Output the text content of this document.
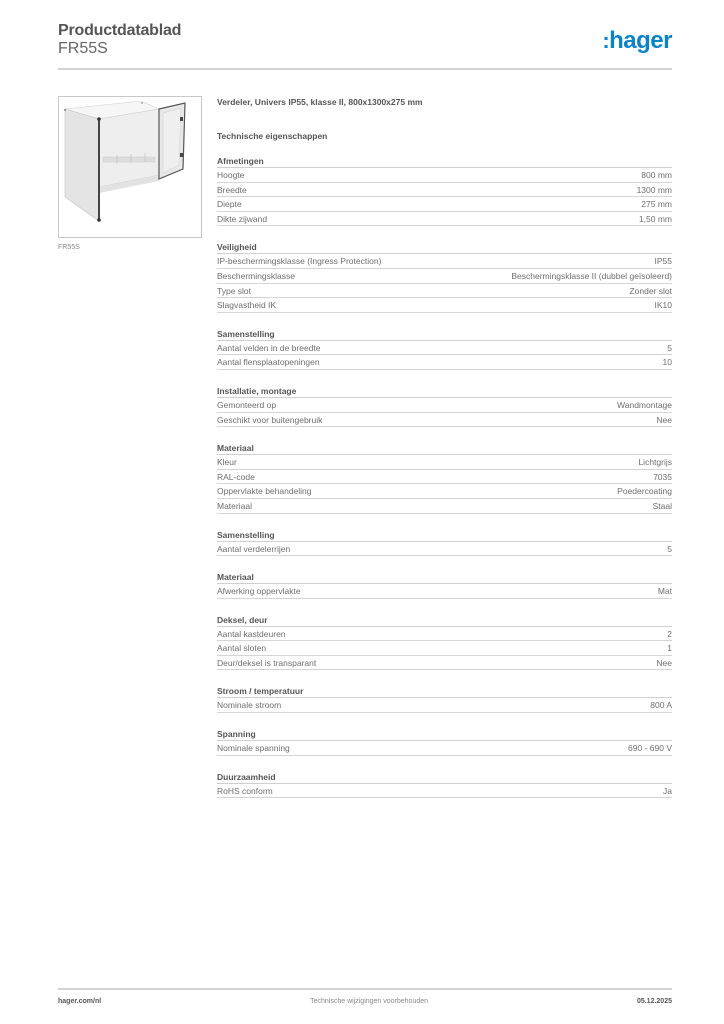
Productdatablad
FR55S	:hager
FR55S
Verdeler, Univers IP55, klasse II, 800x1300x275 mm
Technische eigenschappen
Afmetingen
Hoogte	800 mm
Breedte	1300 mm
Diepte	275 mm
Dikte zijwand	1,50 mm
Veiligheid
IP-beschermingsklasse (Ingress Protection)	IP55
Beschermingsklasse	Beschermingsklasse II (dubbel geïsoleerd)
Type slot	Zonder slot
Slagvastheid IK	IK10
Samenstelling
Aantal velden in de breedte	5
Aantal flensplaatopeningen	10
Installatie, montage
Gemonteerd op	Wandmontage
Geschikt voor buitengebruik	Nee
Materiaal
Kleur	Lichtgrijs
RAL-code	7035
Oppervlakte behandeling	Poedercoating
Materiaal	Staal
Samenstelling
Aantal verdelerrijen	5
Materiaal
Afwerking oppervlakte	Mat
Deksel, deur
Aantal kastdeuren	2
Aantal sloten	1
Deur/deksel is transparant	Nee
Stroom / temperatuur
Nominale stroom	800 A
Spanning
Nominale spanning	690 - 690 V
Duurzaamheid
RoHS conform	Ja
hager.com/nl	Technische wijzigingen voorbehouden	05.12.2025
